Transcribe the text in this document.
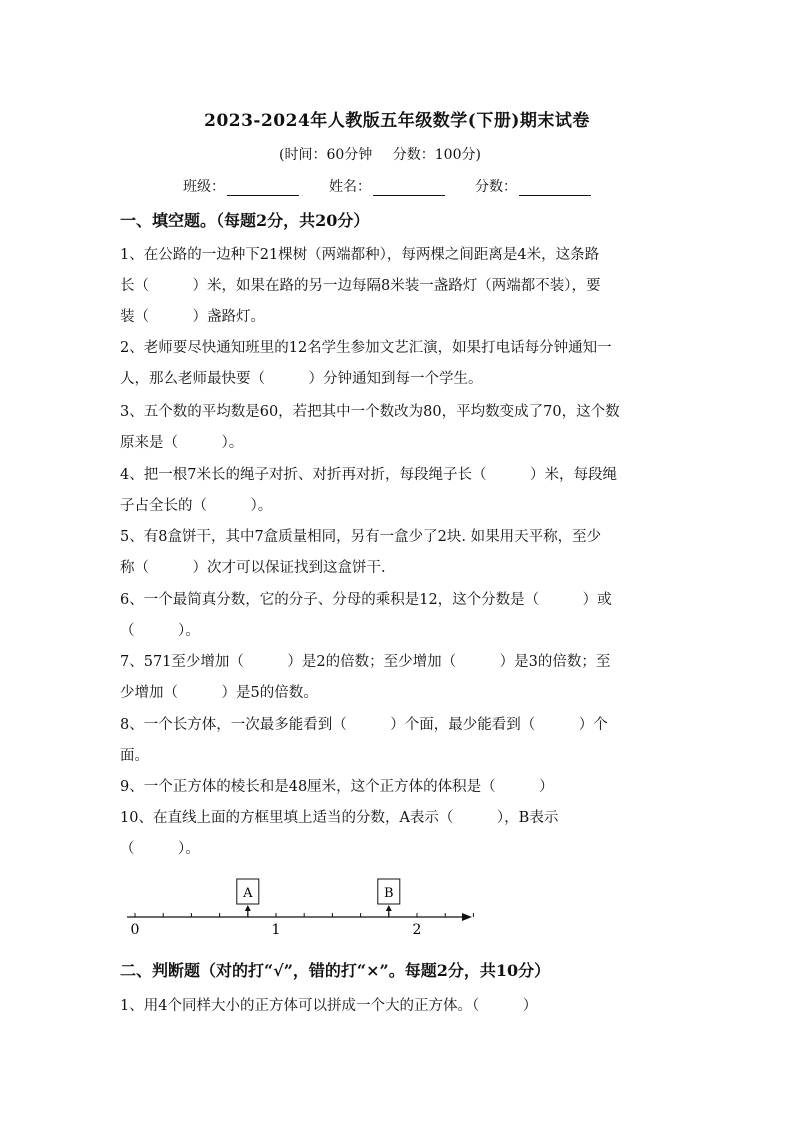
2023-2024年人教版五年级数学(下册)期末试卷
(时间：60分钟 分数：100分)
班级：	姓名：	分数：
一、填空题。（每题2分，共20分）

1、在公路的一边种下21棵树（两端都种），每两棵之间距离是4米，这条路

长（　　　）米，如果在路的另一边每隔8米装一盏路灯（两端都不装），要

装（　　　）盏路灯。

2、老师要尽快通知班里的12名学生参加文艺汇演，如果打电话每分钟通知一

人，那么老师最快要（　　　）分钟通知到每一个学生。

3、五个数的平均数是60，若把其中一个数改为80，平均数变成了70，这个数

原来是（　　　）。

4、把一根7米长的绳子对折、对折再对折，每段绳子长（　　　）米，每段绳

子占全长的（　　　）。

5、有8盒饼干，其中7盒质量相同，另有一盒少了2块. 如果用天平称，至少

称（　　　）次才可以保证找到这盒饼干.

6、一个最简真分数，它的分子、分母的乘积是12，这个分数是（　　　）或

（　　　）。

7、571至少增加（　　　）是2的倍数；至少增加（　　　）是3的倍数；至

少增加（　　　）是5的倍数。

8、一个长方体，一次最多能看到（　　　）个面，最少能看到（　　　）个

面。

9、一个正方体的棱长和是48厘米，这个正方体的体积是（　　　）

10、在直线上面的方框里填上适当的分数，A表示（　　　），B表示

（　　　）。

0	1	2
A	B
二、判断题（对的打“√”，错的打“×”。每题2分，共10分）

1、用4个同样大小的正方体可以拼成一个大的正方体。（　　　）
